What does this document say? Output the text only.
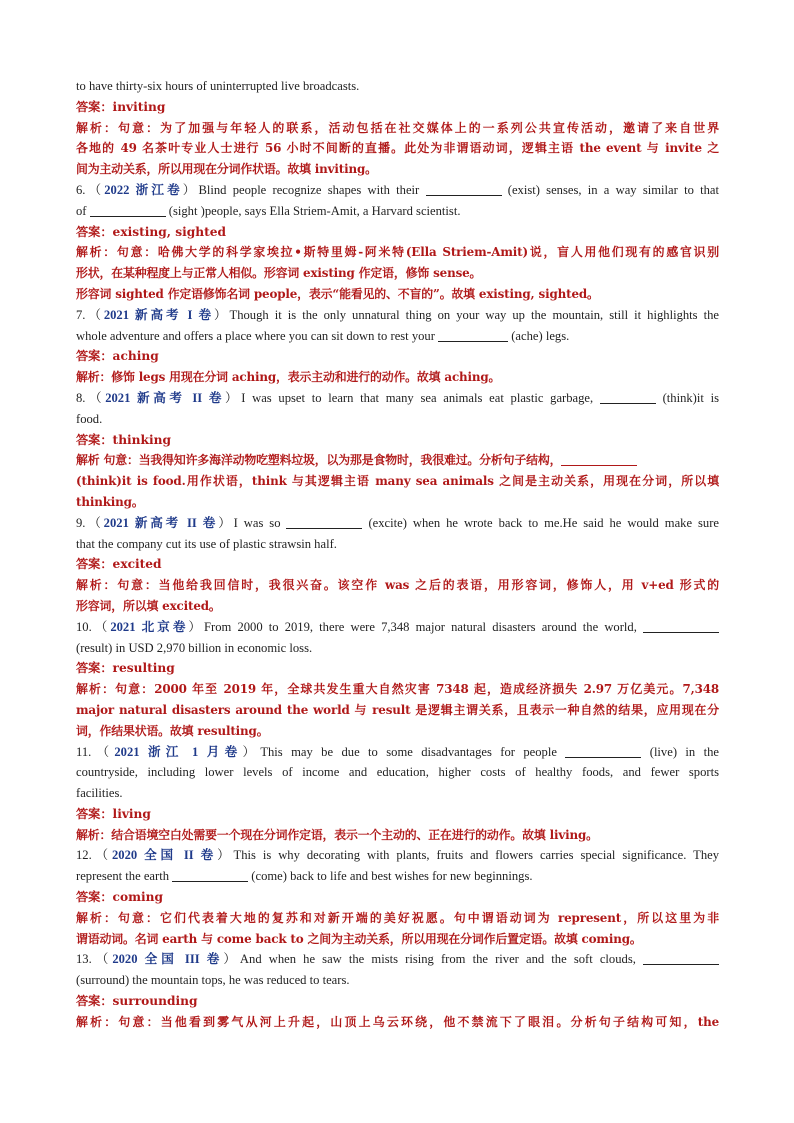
to have thirty-six hours of uninterrupted live broadcasts.
答案：inviting
解析：句意：为了加强与年轻人的联系，活动包括在社交媒体上的一系列公共宣传活动，邀请了来自世界
各地的 49 名茶叶专业人士进行 56 小时不间断的直播。此处为非谓语动词，逻辑主语 the event 与 invite 之
间为主动关系，所以用现在分词作状语。故填 inviting。
6.（2022 浙江卷）Blind people recognize shapes with their	(exist) senses, in a way similar to that
of	(sight )people, says Ella Striem-Amit, a Harvard scientist.
答案：existing, sighted
解析：句意：哈佛大学的科学家埃拉•斯特里姆-阿米特(Ella Striem-Amit)说，盲人用他们现有的感官识别
形状，在某种程度上与正常人相似。形容词 existing 作定语，修饰 sense。
形容词 sighted 作定语修饰名词 people，表示“能看见的、不盲的”。故填 existing, sighted。
7.（2021 新高考 I 卷）Though it is the only unnatural thing on your way up the mountain, still it highlights the
whole adventure and offers a place where you can sit down to rest your	(ache) legs.
答案：aching
解析：修饰 legs 用现在分词 aching，表示主动和进行的动作。故填 aching。
8.（2021 新高考 II 卷）I was upset to learn that many sea animals eat plastic garbage,	(think)it is
food.
答案：thinking
解析 句意：当我得知许多海洋动物吃塑料垃圾，以为那是食物时，我很难过。分析句子结构，
(think)it is food.用作状语，think 与其逻辑主语 many sea animals 之间是主动关系，用现在分词，所以填
thinking。
9.（2021 新高考 II 卷）I was so	(excite) when he wrote back to me.He said he would make sure
that the company cut its use of plastic strawsin half.
答案：excited
解析：句意：当他给我回信时，我很兴奋。该空作 was 之后的表语，用形容词，修饰人，用 v+ed 形式的
形容词，所以填 excited。
10.（2021 北京卷）From 2000 to 2019, there were 7,348 major natural disasters around the world,
(result) in USD 2,970 billion in economic loss.
答案：resulting
解析：句意：2000 年至 2019 年，全球共发生重大自然灾害 7348 起，造成经济损失 2.97 万亿美元。7,348
major natural disasters around the world 与 result 是逻辑主谓关系，且表示一种自然的结果，应用现在分
词，作结果状语。故填 resulting。
11.（2021 浙江 1 月卷）This may be due to some disadvantages for people	(live) in the
countryside, including lower levels of income and education, higher costs of healthy foods, and fewer sports
facilities.
答案：living
解析：结合语境空白处需要一个现在分词作定语，表示一个主动的、正在进行的动作。故填 living。
12.（2020 全国 II 卷）This is why decorating with plants, fruits and flowers carries special significance. They
represent the earth	(come) back to life and best wishes for new beginnings.
答案：coming
解析：句意：它们代表着大地的复苏和对新开端的美好祝愿。句中谓语动词为 represent，所以这里为非
谓语动词。名词 earth 与 come back to 之间为主动关系，所以用现在分词作后置定语。故填 coming。
13.（2020 全国 III 卷）And when he saw the mists rising from the river and the soft clouds,
(surround) the mountain tops, he was reduced to tears.
答案：surrounding
解析：句意：当他看到雾气从河上升起，山顶上乌云环绕，他不禁流下了眼泪。分析句子结构可知，the
